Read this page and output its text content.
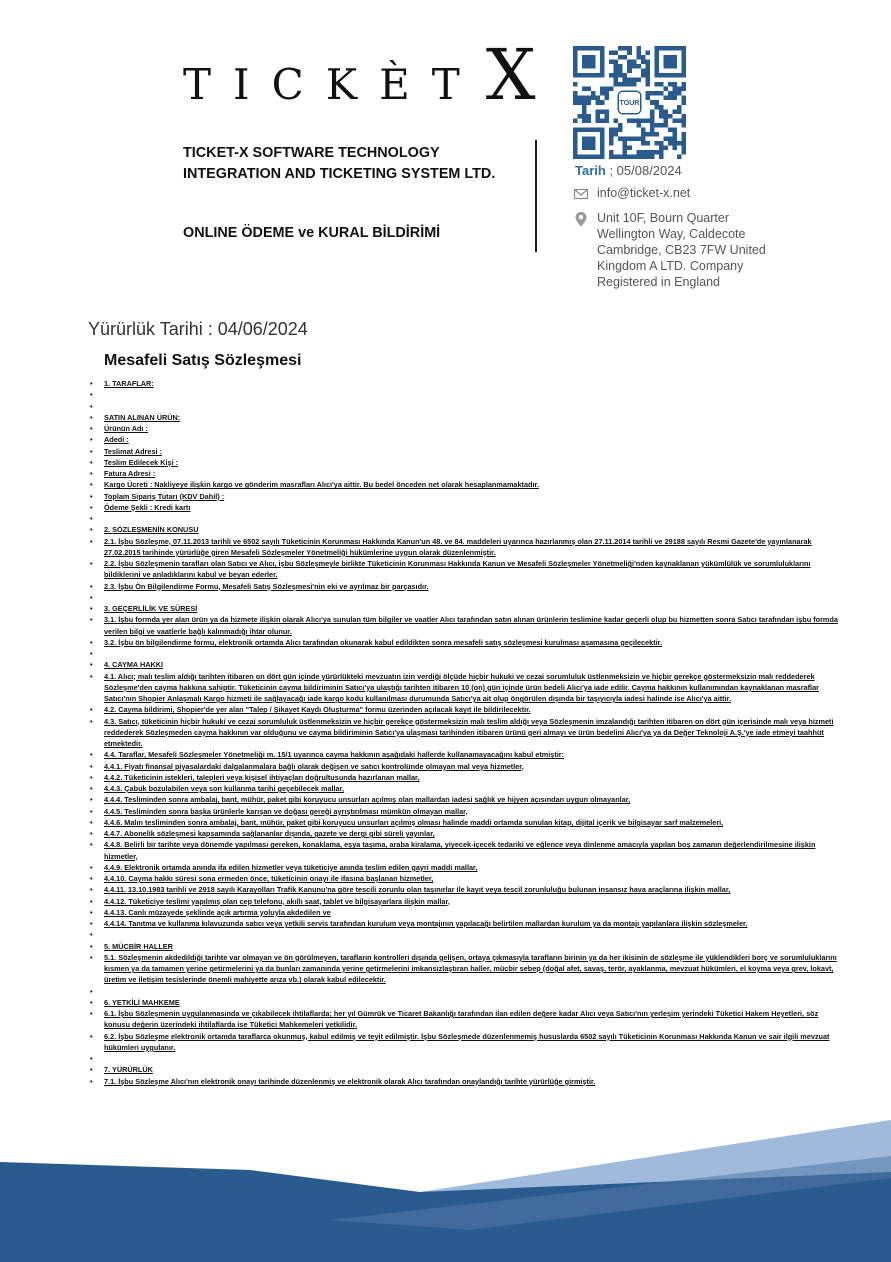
TICKÈT X
TICKET-X SOFTWARE TECHNOLOGY
INTEGRATION AND TICKETING SYSTEM LTD.
ONLINE ÖDEME ve KURAL BİLDİRİMİ
TOUR
Tarih ; 05/08/2024
info@ticket-x.net
Unit 10F, Bourn Quarter
Wellington Way, Caldecote
Cambridge, CB23 7FW United
Kingdom A LTD. Company
Registered in England
Yürürlük Tarihi : 04/06/2024
Mesafeli Satış Sözleşmesi
• 1. TARAFLAR:
•
•
• SATIN ALINAN ÜRÜN:
• Ürünün Adı :
• Adedi :
• Teslimat Adresi :
• Teslim Edilecek Kişi :
• Fatura Adresi :
• Kargo Ücreti : Nakliyeye ilişkin kargo ve gönderim masrafları Alıcı'ya aittir. Bu bedel önceden net olarak hesaplanmamaktadır.
• Toplam Sipariş Tutarı (KDV Dahil) :
• Ödeme Şekli : Kredi kartı
•
• 2. SÖZLEŞMENİN KONUSU
• 2.1. İşbu Sözleşme, 07.11.2013 tarihli ve 6502 sayılı Tüketicinin Korunması Hakkında Kanun'un 48. ve 84. maddeleri uyarınca hazırlanmış olan 27.11.2014 tarihli ve 29188 sayılı Resmi Gazete'de yayınlanarak 27.02.2015 tarihinde yürürlüğe giren Mesafeli Sözleşmeler Yönetmeliği hükümlerine uygun olarak düzenlenmiştir.
• 2.2. İşbu Sözleşmenin tarafları olan Satıcı ve Alıcı, işbu Sözleşmeyle birlikte Tüketicinin Korunması Hakkında Kanun ve Mesafeli Sözleşmeler Yönetmeliği'nden kaynaklanan yükümlülük ve sorumluluklarını bildiklerini ve anladıklarını kabul ve beyan ederler.
• 2.3. İşbu Ön Bilgilendirme Formu, Mesafeli Satış Sözleşmesi'nin eki ve ayrılmaz bir parçasıdır.
•
• 3. GEÇERLİLİK VE SÜRESİ
• 3.1. İşbu formda yer alan ürün ya da hizmete ilişkin olarak Alıcı'ya sunulan tüm bilgiler ve vaatler Alıcı tarafından satın alınan ürünlerin teslimine kadar geçerli olup bu hizmetten sonra Satıcı tarafından işbu formda verilen bilgi ve vaatlerle bağlı kalınmadığı ihtar olunur.
• 3.2. İşbu ön bilgilendirme formu, elektronik ortamda Alıcı tarafından okunarak kabul edildikten sonra mesafeli satış sözleşmesi kurulması aşamasına geçilecektir.
•
• 4. CAYMA HAKKI
• 4.1. Alıcı; malı teslim aldığı tarihten itibaren on dört gün içinde yürürlükteki mevzuatın izin verdiği ölçüde hiçbir hukuki ve cezai sorumluluk üstlenmeksizin ve hiçbir gerekçe göstermeksizin malı reddederek Sözleşme'den cayma hakkına sahiptir. Tüketicinin cayma bildiriminin Satıcı'ya ulaştığı tarihten itibaren 10 (on) gün içinde ürün bedeli Alıcı'ya iade edilir. Cayma hakkının kullanımından kaynaklanan masraflar Satıcı'nın Shopier Anlaşmalı Kargo hizmeti ile sağlayacağı iade kargo kodu kullanılması durumunda Satıcı'ya ait olup öngörülen dışında bir taşıyıcıyla iadesi halinde ise Alıcı'ya aittir.
• 4.2. Cayma bildirimi, Shopier'de yer alan "Talep / Şikayet Kaydı Oluşturma" formu üzerinden açılacak kayıt ile bildirilecektir.
• 4.3. Satıcı, tüketicinin hiçbir hukuki ve cezai sorumluluk üstlenmeksizin ve hiçbir gerekçe göstermeksizin malı teslim aldığı veya Sözleşmenin imzalandığı tarihten itibaren on dört gün içerisinde malı veya hizmeti reddederek Sözleşmeden cayma hakkının var olduğunu ve cayma bildiriminin Satıcı'ya ulaşması tarihinden itibaren ürünü geri almayı ve ürün bedelini Alıcı'ya ya da Değer Teknoloji A.Ş.'ye iade etmeyi taahhüt etmektedir.
• 4.4. Taraflar, Mesafeli Sözleşmeler Yönetmeliği m. 15/1 uyarınca cayma hakkının aşağıdaki hallerde kullanamayacağını kabul etmiştir:
• 4.4.1. Fiyatı finansal piyasalardaki dalgalanmalara bağlı olarak değişen ve satıcı kontrolünde olmayan mal veya hizmetler,
• 4.4.2. Tüketicinin istekleri, talepleri veya kişisel ihtiyaçları doğrultusunda hazırlanan mallar,
• 4.4.3. Çabuk bozulabilen veya son kullanma tarihi geçebilecek mallar,
• 4.4.4. Tesliminden sonra ambalaj, bant, mühür, paket gibi koruyucu unsurları açılmış olan mallardan iadesi sağlık ve hijyen açısından uygun olmayanlar,
• 4.4.5. Tesliminden sonra başka ürünlerle karışan ve doğası gereği ayrıştırılması mümkün olmayan mallar,
• 4.4.6. Malın tesliminden sonra ambalaj, bant, mühür, paket gibi koruyucu unsurları açılmış olması halinde maddi ortamda sunulan kitap, dijital içerik ve bilgisayar sarf malzemeleri,
• 4.4.7. Abonelik sözleşmesi kapsamında sağlananlar dışında, gazete ve dergi gibi süreli yayınlar,
• 4.4.8. Belirli bir tarihte veya dönemde yapılması gereken, konaklama, eşya taşıma, araba kiralama, yiyecek-içecek tedariki ve eğlence veya dinlenme amacıyla yapılan boş zamanın değerlendirilmesine ilişkin hizmetler,
• 4.4.9. Elektronik ortamda anında ifa edilen hizmetler veya tüketiciye anında teslim edilen gayri maddi mallar,
• 4.4.10. Cayma hakkı süresi sona ermeden önce, tüketicinin onayı ile ifasına başlanan hizmetler,
• 4.4.11. 13.10.1983 tarihli ve 2918 sayılı Karayolları Trafik Kanunu'na göre tescili zorunlu olan taşınırlar ile kayıt veya tescil zorunluluğu bulunan insansız hava araçlarına ilişkin mallar,
• 4.4.12. Tüketiciye teslimi yapılmış olan cep telefonu, akıllı saat, tablet ve bilgisayarlara ilişkin mallar,
• 4.4.13. Canlı müzayede şeklinde açık artırma yoluyla akdedilen ve
• 4.4.14. Tanıtma ve kullanma kılavuzunda satıcı veya yetkili servis tarafından kurulum veya montajının yapılacağı belirtilen mallardan kurulum ya da montajı yapılanlara ilişkin sözleşmeler.
•
• 5. MÜCBİR HALLER
• 5.1. Sözleşmenin akdedildiği tarihte var olmayan ve ön görülmeyen, tarafların kontrolleri dışında gelişen, ortaya çıkmasıyla tarafların birinin ya da her ikisinin de sözleşme ile yüklendikleri borç ve sorumluluklarını kısmen ya da tamamen yerine getirmelerini ya da bunları zamanında yerine getirmelerini imkansızlaştıran haller, mücbir sebep (doğal afet, savaş, terör, ayaklanma, mevzuat hükümleri, el koyma veya grev, lokavt, üretim ve iletişim tesislerinde önemli mahiyette arıza vb.) olarak kabul edilecektir.
•
• 6. YETKİLİ MAHKEME
• 6.1. İşbu Sözleşmenin uygulanmasında ve çıkabilecek ihtilaflarda; her yıl Gümrük ve Ticaret Bakanlığı tarafından ilan edilen değere kadar Alıcı veya Satıcı'nın yerleşim yerindeki Tüketici Hakem Heyetleri, söz konusu değerin üzerindeki ihtilaflarda ise Tüketici Mahkemeleri yetkilidir.
• 6.2. İşbu Sözleşme elektronik ortamda taraflarca okunmuş, kabul edilmiş ve teyit edilmiştir. İşbu Sözleşmede düzenlenmemiş hususlarda 6502 sayılı Tüketicinin Korunması Hakkında Kanun ve sair ilgili mevzuat hükümleri uygulanır.
•
• 7. YÜRÜRLÜK
• 7.1. İşbu Sözleşme Alıcı'nın elektronik onayı tarihinde düzenlenmiş ve elektronik olarak Alıcı tarafından onaylandığı tarihte yürürlüğe girmiştir.
